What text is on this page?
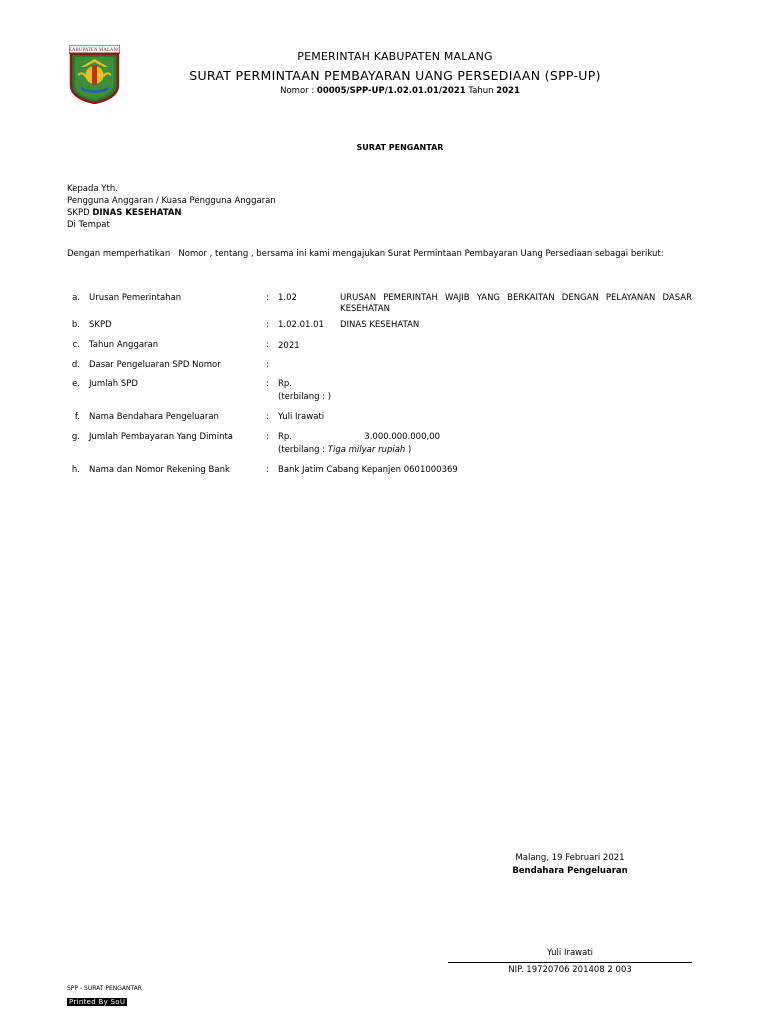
KABUPATEN MALANG	PEMERINTAH KABUPATEN MALANG
SURAT PERMINTAAN PEMBAYARAN UANG PERSEDIAAN (SPP-UP)
Nomor : 00005/SPP-UP/1.02.01.01/2021 Tahun 2021
SURAT PENGANTAR
Kepada Yth.
Pengguna Anggaran / Kuasa Pengguna Anggaran
SKPD DINAS KESEHATAN
Di Tempat
Dengan memperhatikan   Nomor , tentang , bersama ini kami mengajukan Surat Permintaan Pembayaran Uang Persediaan sebagai berikut:
a. Urusan Pemerintahan	: 1.02	URUSAN PEMERINTAH WAJIB YANG BERKAITAN DENGAN PELAYANAN DASAR KESEHATAN
b. SKPD	: 1.02.01.01 DINAS KESEHATAN
c. Tahun Anggaran	: 2021
d. Dasar Pengeluaran SPD Nomor	:
e. Jumlah SPD	: Rp.
(terbilang : )
f. Nama Bendahara Pengeluaran	: Yuli Irawati
g. Jumlah Pembayaran Yang Diminta	: Rp.	3.000.000.000,00
(terbilang : Tiga milyar rupiah )
h. Nama dan Nomor Rekening Bank	: Bank Jatim Cabang Kepanjen 0601000369
Malang, 19 Februari 2021
Bendahara Pengeluaran
Yuli Irawati
NIP. 19720706 201408 2 003
SPP - SURAT PENGANTAR
Printed By SoU
